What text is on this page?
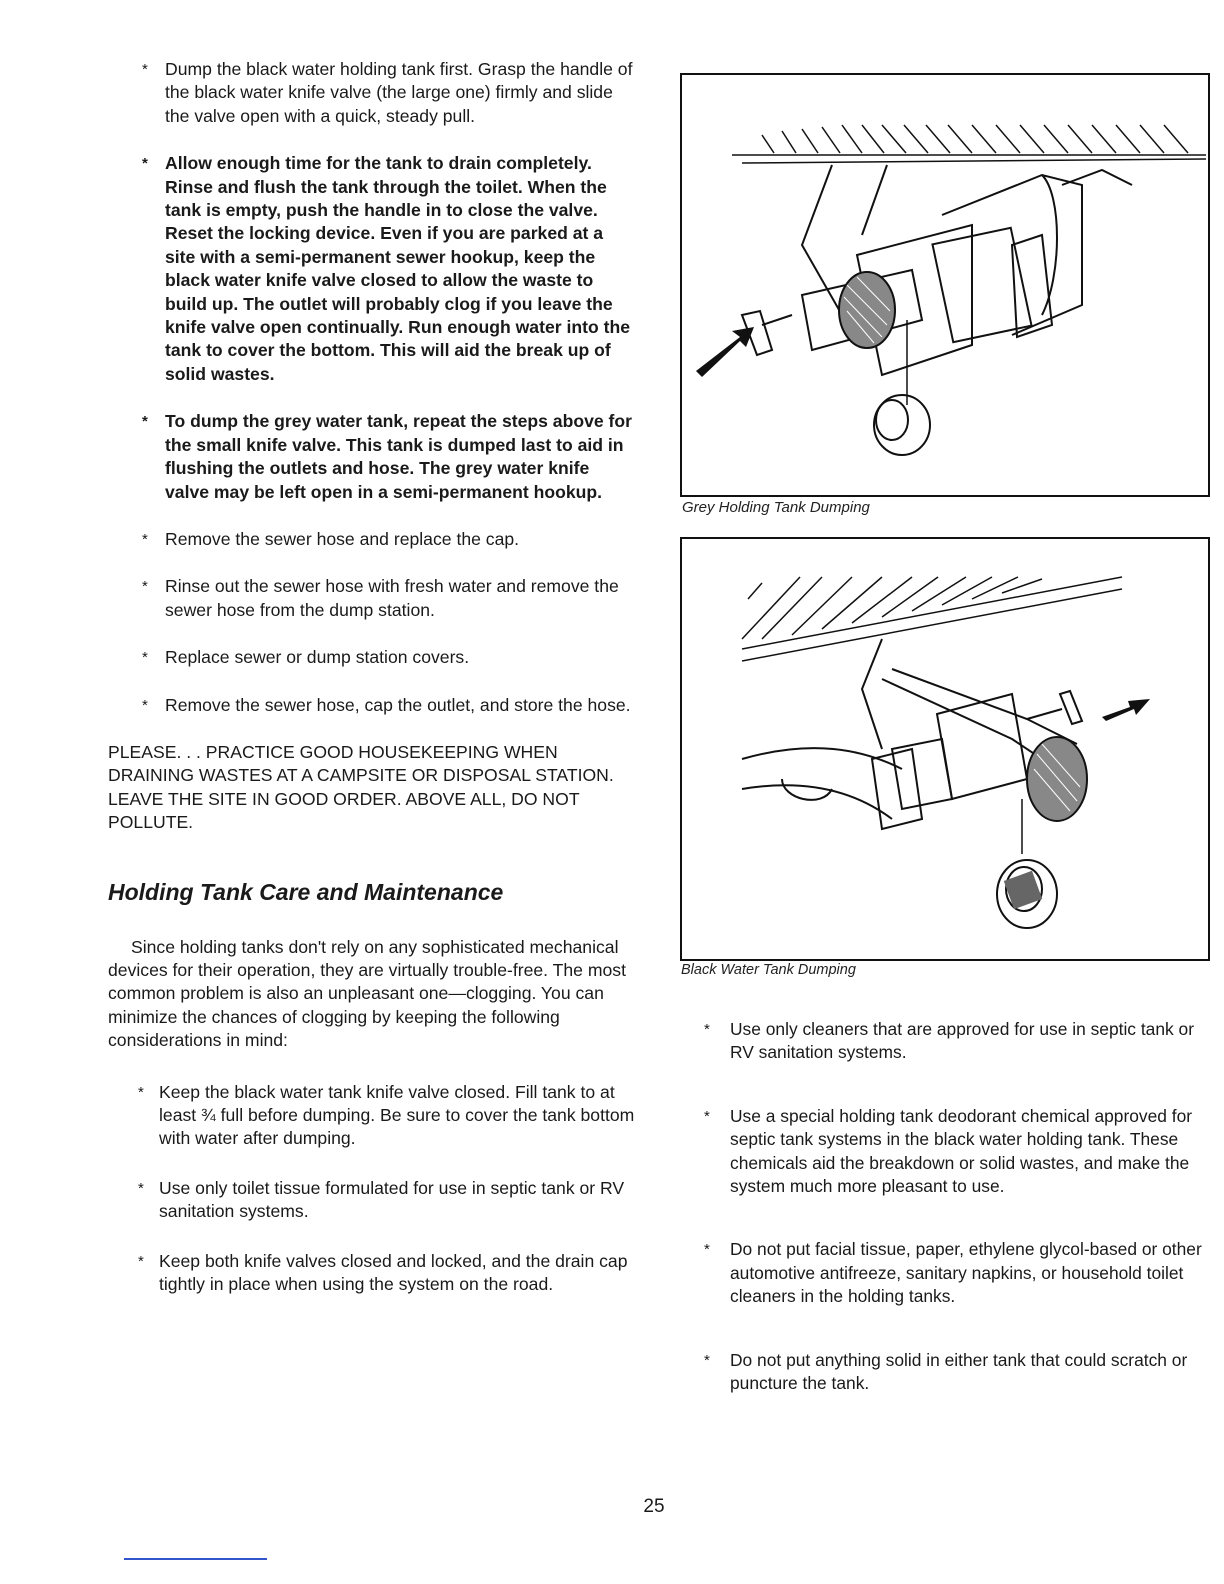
* Dump the black water holding tank first. Grasp the handle of the black water knife valve (the large one) firmly and slide the valve open with a quick, steady pull.
* Allow enough time for the tank to drain completely. Rinse and flush the tank through the toilet. When the tank is empty, push the handle in to close the valve. Reset the locking device. Even if you are parked at a site with a semi-permanent sewer hookup, keep the black water knife valve closed to allow the waste to build up. The outlet will probably clog if you leave the knife valve open continually. Run enough water into the tank to cover the bottom. This will aid the break up of solid wastes.
* To dump the grey water tank, repeat the steps above for the small knife valve. This tank is dumped last to aid in flushing the outlets and hose. The grey water knife valve may be left open in a semi-permanent hookup.
* Remove the sewer hose and replace the cap.
* Rinse out the sewer hose with fresh water and remove the sewer hose from the dump station.
* Replace sewer or dump station covers.
* Remove the sewer hose, cap the outlet, and store the hose.
PLEASE. . . PRACTICE GOOD HOUSEKEEPING WHEN DRAINING WASTES AT A CAMPSITE OR DISPOSAL STATION. LEAVE THE SITE IN GOOD ORDER. ABOVE ALL, DO NOT POLLUTE.
Holding Tank Care and Maintenance
Since holding tanks don't rely on any sophisticated mechanical devices for their operation, they are virtually trouble-free. The most common problem is also an unpleasant one—clogging. You can minimize the chances of clogging by keeping the following considerations in mind:
* Keep the black water tank knife valve closed. Fill tank to at least ¾ full before dumping. Be sure to cover the tank bottom with water after dumping.
* Use only toilet tissue formulated for use in septic tank or RV sanitation systems.
* Keep both knife valves closed and locked, and the drain cap tightly in place when using the system on the road.
Grey Holding Tank Dumping
Black Water Tank Dumping
* Use only cleaners that are approved for use in septic tank or RV sanitation systems.
* Use a special holding tank deodorant chemical approved for septic tank systems in the black water holding tank. These chemicals aid the breakdown or solid wastes, and make the system much more pleasant to use.
* Do not put facial tissue, paper, ethylene glycol-based or other automotive antifreeze, sanitary napkins, or household toilet cleaners in the holding tanks.
* Do not put anything solid in either tank that could scratch or puncture the tank.
25
